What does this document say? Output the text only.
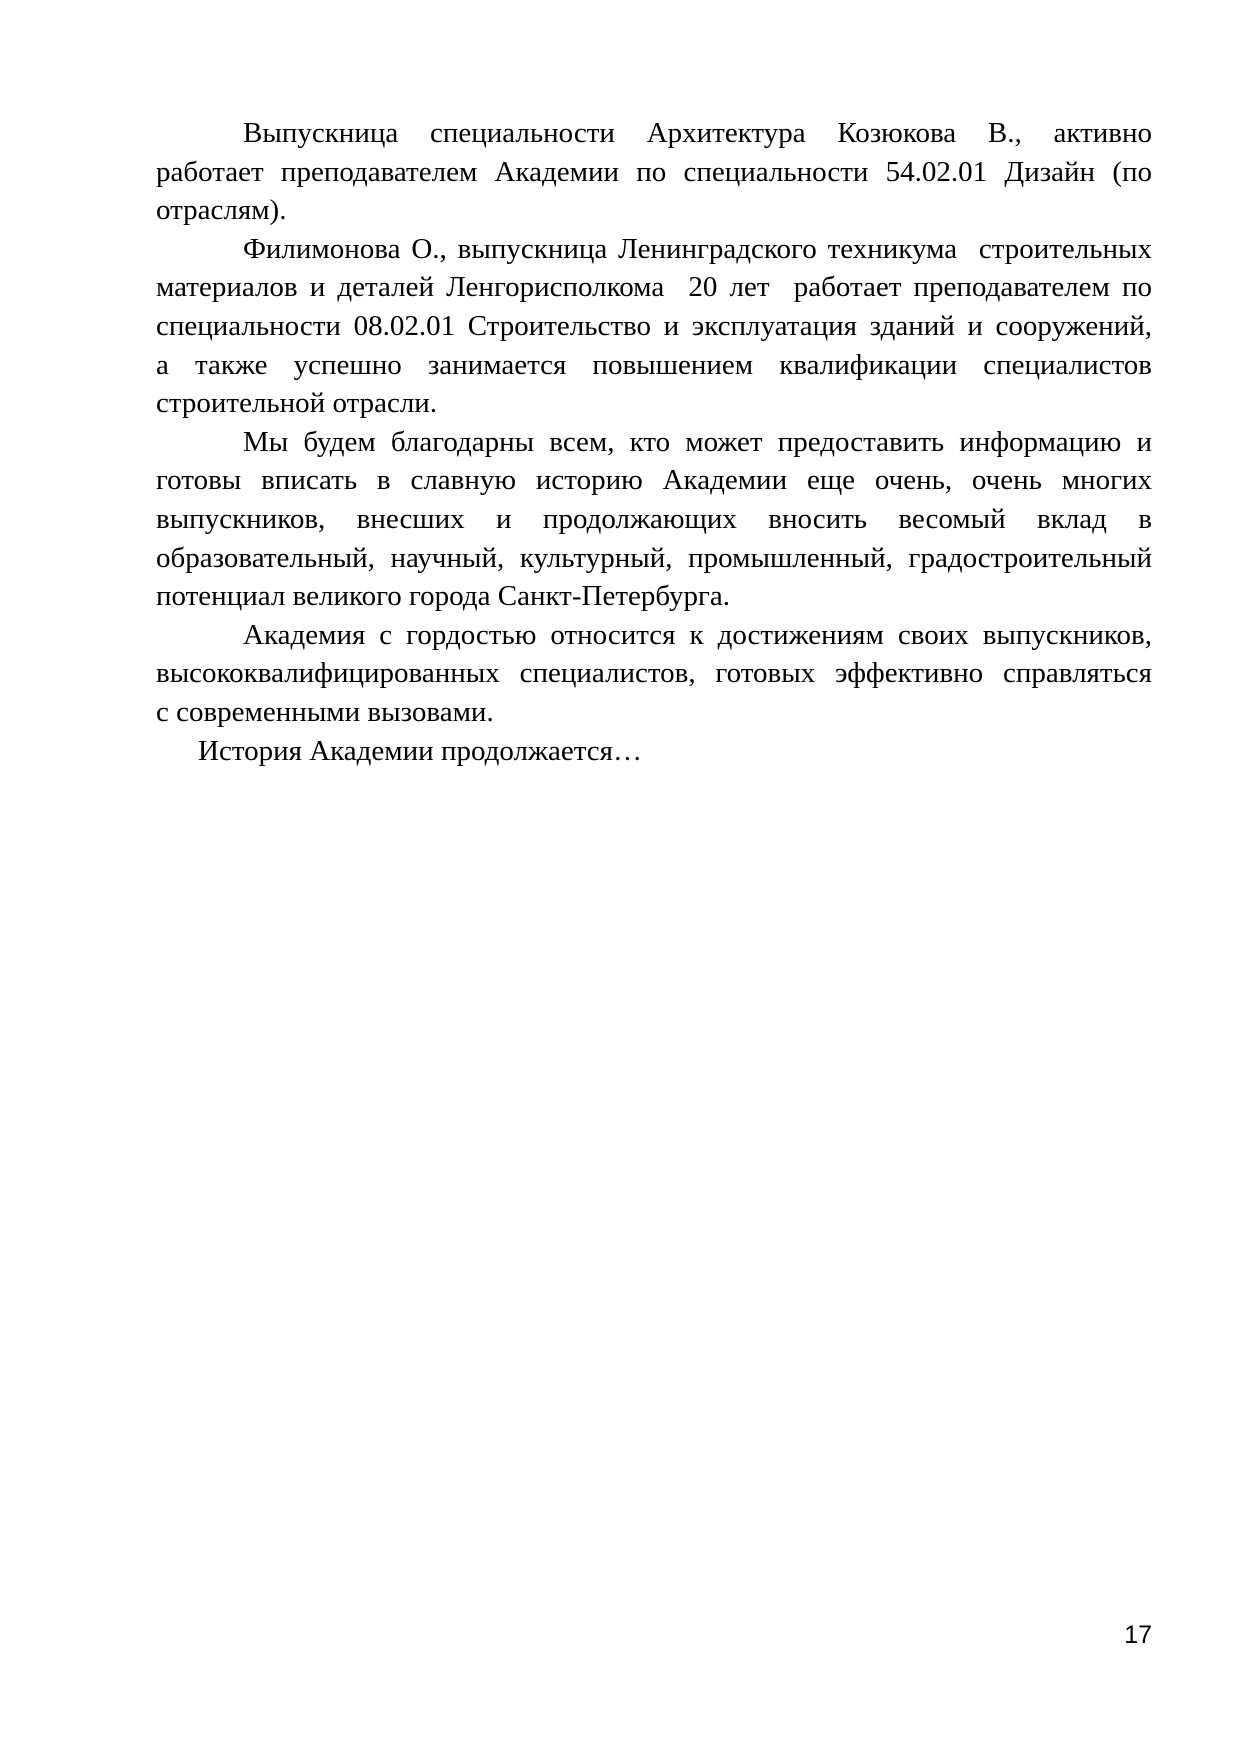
Выпускница специальности Архитектура Козюкова В., активно
работает преподавателем Академии по специальности 54.02.01 Дизайн (по
отраслям).
Филимонова О., выпускница Ленинградского техникума  строительных
материалов и деталей Ленгорисполкома  20 лет  работает преподавателем по
специальности 08.02.01 Строительство и эксплуатация зданий и сооружений,
а также успешно занимается повышением квалификации специалистов
строительной отрасли.
Мы будем благодарны всем, кто может предоставить информацию и
готовы вписать в славную историю Академии еще очень, очень многих
выпускников, внесших и продолжающих вносить весомый вклад в
образовательный, научный, культурный, промышленный, градостроительный
потенциал великого города Санкт-Петербурга.
Академия с гордостью относится к достижениям своих выпускников,
высококвалифицированных специалистов, готовых эффективно справляться
с современными вызовами.
История Академии продолжается…
17
